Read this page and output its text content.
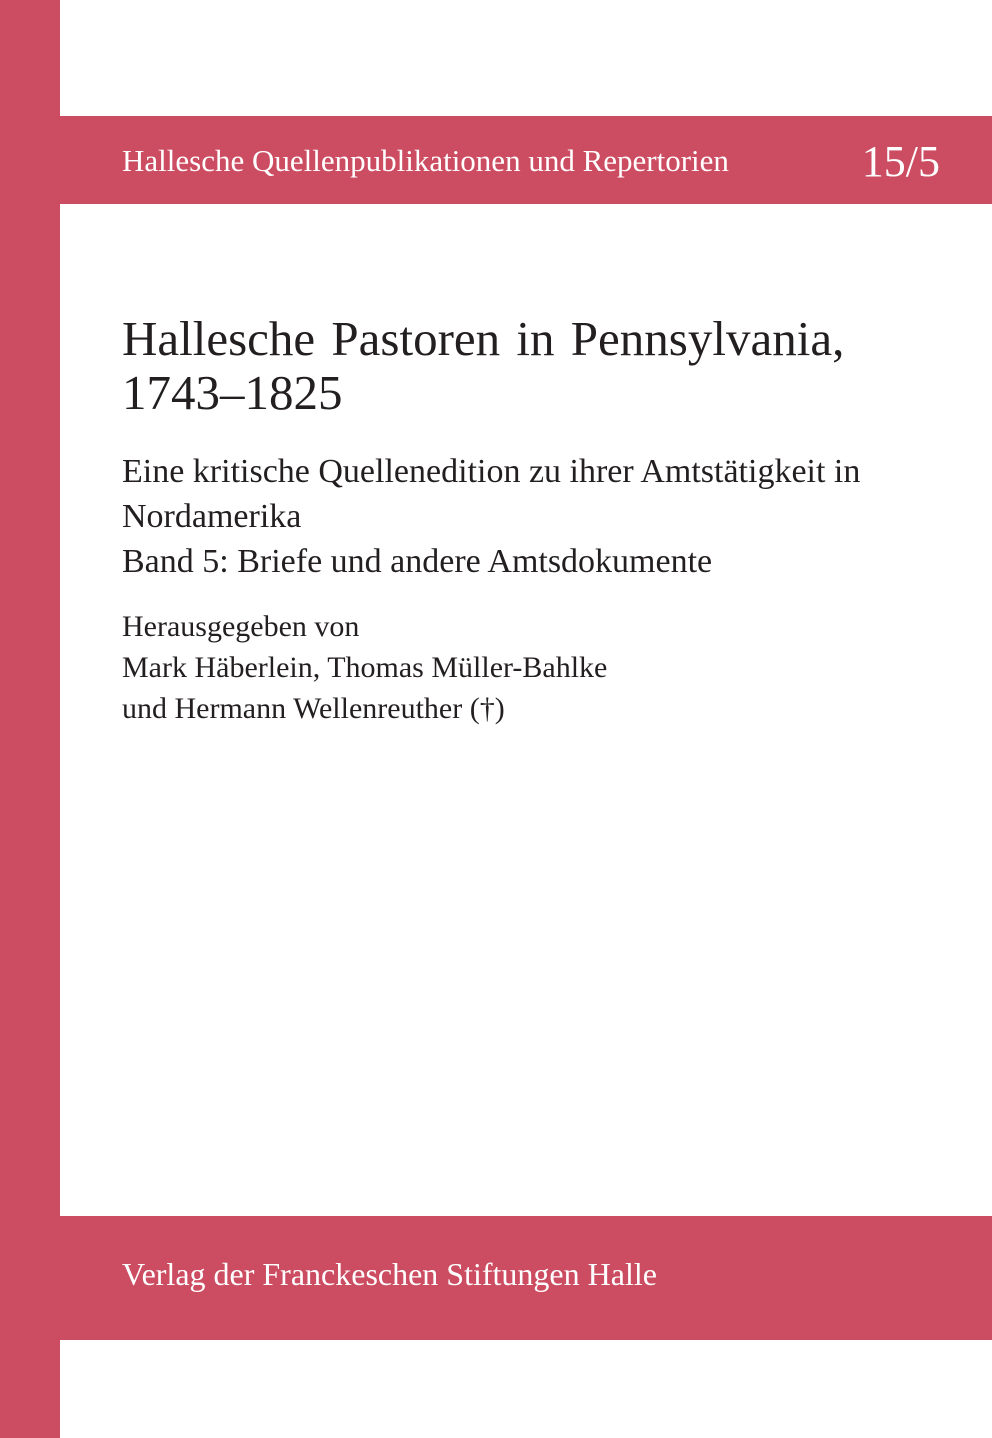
Hallesche Quellenpublikationen und Repertorien	15/5
Hallesche Pastoren in Pennsylvania,
1743–1825

Eine kritische Quellenedition zu ihrer Amtstätigkeit in Nordamerika

Band 5: Briefe und andere Amtsdokumente

Herausgegeben von
Mark Häberlein, Thomas Müller-Bahlke
und Hermann Wellenreuther (†)
Verlag der Franckeschen Stiftungen Halle
